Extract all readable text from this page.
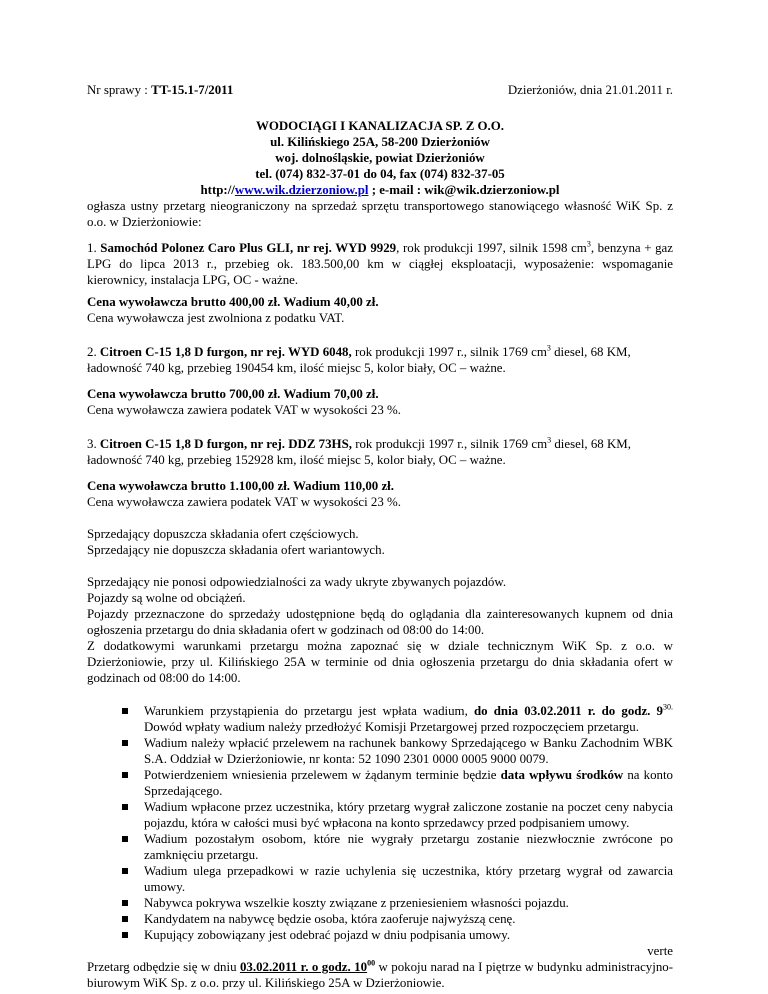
Nr sprawy : TT-15.1-7/2011	Dzierżoniów, dnia 21.01.2011 r.
WODOCIĄGI I KANALIZACJA SP. Z O.O.
ul. Kilińskiego 25A, 58-200 Dzierżoniów
woj. dolnośląskie, powiat Dzierżoniów
tel. (074) 832-37-01 do 04, fax (074) 832-37-05
http://www.wik.dzierzoniow.pl ; e-mail : wik@wik.dzierzoniow.pl

ogłasza ustny przetarg nieograniczony na sprzedaż sprzętu transportowego stanowiącego własność WiK Sp. z o.o. w Dzierżoniowie:

1. Samochód Polonez Caro Plus GLI, nr rej. WYD 9929, rok produkcji 1997, silnik 1598 $cm^3$, benzyna + gaz LPG do lipca 2013 r., przebieg ok. 183.500,00 km w ciągłej eksploatacji, wyposażenie: wspomaganie kierownicy, instalacja LPG, OC - ważne.

Cena wywoławcza brutto 400,00 zł. Wadium 40,00 zł.

Cena wywoławcza jest zwolniona z podatku VAT.

2. Citroen C-15 1,8 D furgon, nr rej. WYD 6048, rok produkcji 1997 r., silnik 1769 $cm^3$ diesel, 68 KM, ładowność 740 kg, przebieg 190454 km, ilość miejsc 5, kolor biały, OC – ważne.

Cena wywoławcza brutto 700,00 zł. Wadium 70,00 zł.

Cena wywoławcza zawiera podatek VAT w wysokości 23 %.

3. Citroen C-15 1,8 D furgon, nr rej. DDZ 73HS, rok produkcji 1997 r., silnik 1769 $cm^3$ diesel, 68 KM, ładowność 740 kg, przebieg 152928 km, ilość miejsc 5, kolor biały, OC – ważne.

Cena wywoławcza brutto 1.100,00 zł. Wadium 110,00 zł.

Cena wywoławcza zawiera podatek VAT w wysokości 23 %.

Sprzedający dopuszcza składania ofert częściowych.

Sprzedający nie dopuszcza składania ofert wariantowych.

Sprzedający nie ponosi odpowiedzialności za wady ukryte zbywanych pojazdów.

Pojazdy są wolne od obciążeń.

Pojazdy przeznaczone do sprzedaży udostępnione będą do oglądania dla zainteresowanych kupnem od dnia ogłoszenia przetargu do dnia składania ofert w godzinach od 08:00 do 14:00.

Z dodatkowymi warunkami przetargu można zapoznać się w dziale technicznym WiK Sp. z o.o. w Dzierżoniowie, przy ul. Kilińskiego 25A w terminie od dnia ogłoszenia przetargu do dnia składania ofert w godzinach od 08:00 do 14:00.

Warunkiem przystąpienia do przetargu jest wpłata wadium, do dnia 03.02.2011 r. do godz. $9^{30.}$ Dowód wpłaty wadium należy przedłożyć Komisji Przetargowej przed rozpoczęciem przetargu.
Wadium należy wpłacić przelewem na rachunek bankowy Sprzedającego w Banku Zachodnim WBK S.A. Oddział w Dzierżoniowie, nr konta: 52 1090 2301 0000 0005 9000 0079.
Potwierdzeniem wniesienia przelewem w żądanym terminie będzie data wpływu środków na konto Sprzedającego.
Wadium wpłacone przez uczestnika, który przetarg wygrał zaliczone zostanie na poczet ceny nabycia pojazdu, która w całości musi być wpłacona na konto sprzedawcy przed podpisaniem umowy.
Wadium pozostałym osobom, które nie wygrały przetargu zostanie niezwłocznie zwrócone po zamknięciu przetargu.
Wadium ulega przepadkowi w razie uchylenia się uczestnika, który przetarg wygrał od zawarcia umowy.
Nabywca pokrywa wszelkie koszty związane z przeniesieniem własności pojazdu.
Kandydatem na nabywcę będzie osoba, która zaoferuje najwyższą cenę.
Kupujący zobowiązany jest odebrać pojazd w dniu podpisania umowy.

Przetarg odbędzie się w dniu 03.02.2011 r. o godz. $10^{00}$ w pokoju narad na I piętrze w budynku administracyjno-biurowym WiK Sp. z o.o. przy ul. Kilińskiego 25A w Dzierżoniowie.

verte
